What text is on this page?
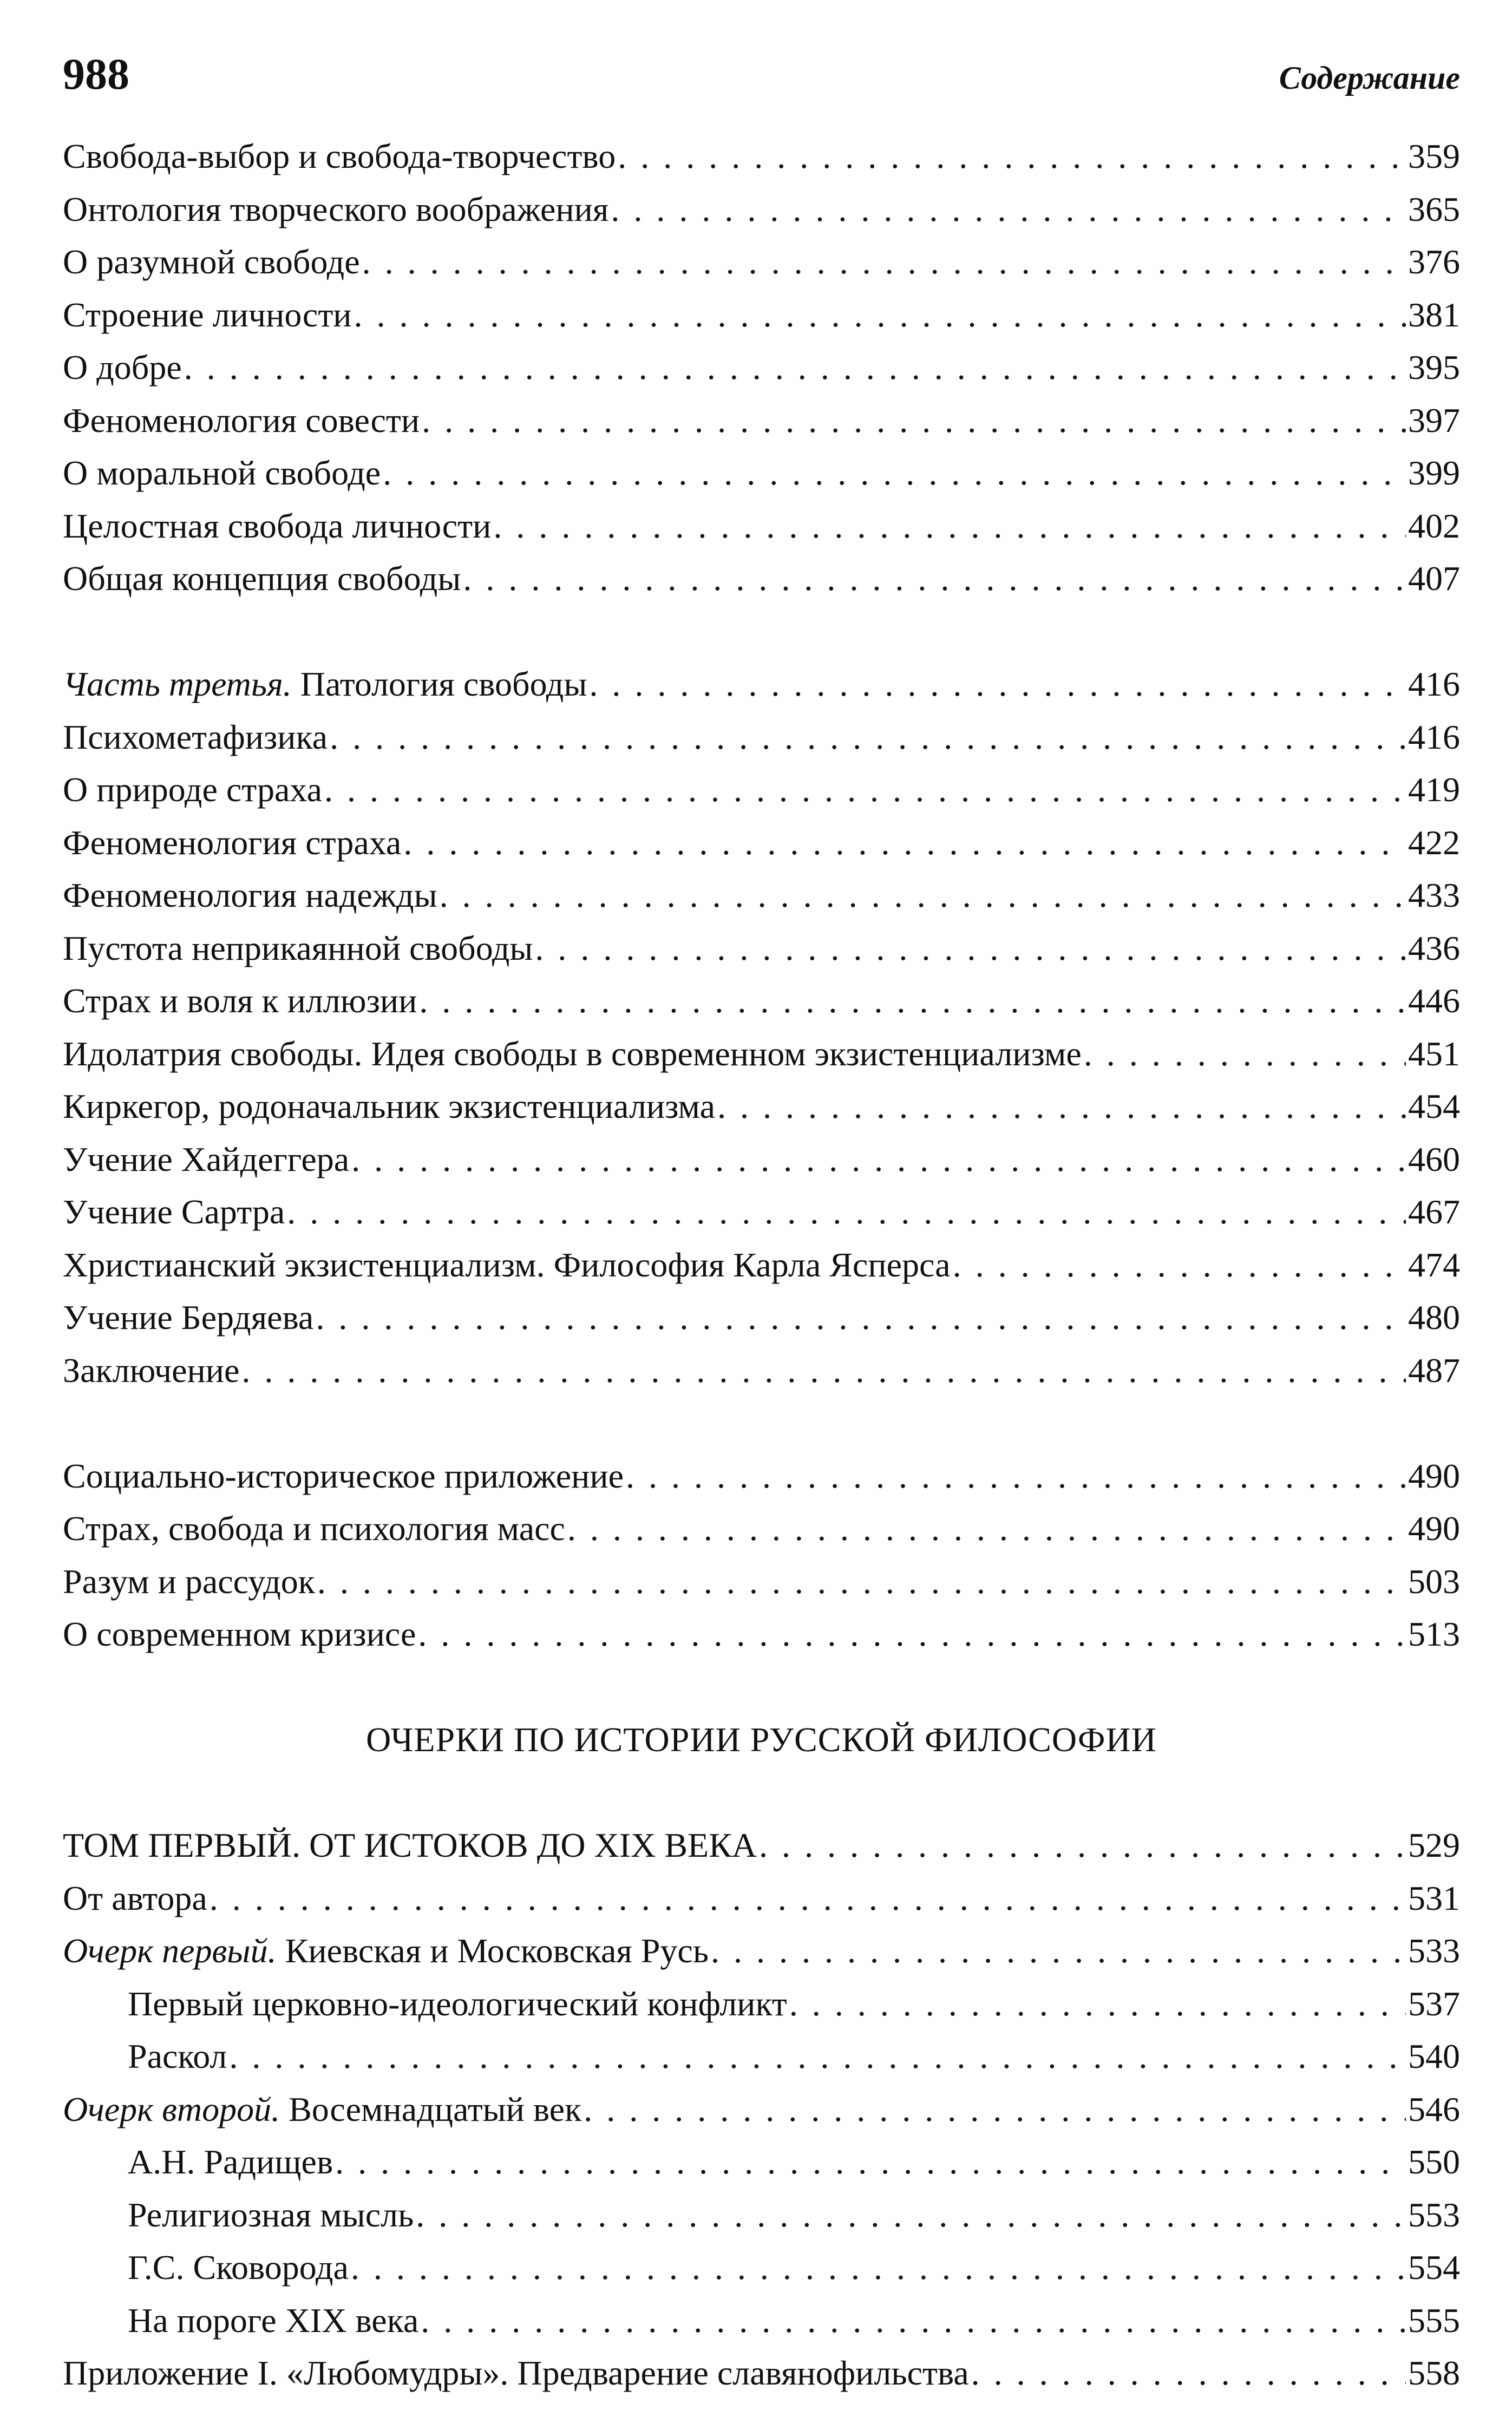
988	Содержание
Свобода-выбор и свобода-творчество . . .	359
Онтология творческого воображения . . .	365
О разумной свободе . . .	376
Строение личности . . .	381
О добре . . .	395
Феноменология совести . . .	397
О моральной свободе . . .	399
Целостная свобода личности . . .	402
Общая концепция свободы . . .	407
Часть третья. Патология свободы . . .	416
Психометафизика . . .	416
О природе страха . . .	419
Феноменология страха . . .	422
Феноменология надежды . . .	433
Пустота неприкаянной свободы . . .	436
Страх и воля к иллюзии . . .	446
Идолатрия свободы. Идея свободы в современном экзистенциализме . . .	451
Киркегор, родоначальник экзистенциализма . . .	454
Учение Хайдеггера . . .	460
Учение Сартра . . .	467
Христианский экзистенциализм. Философия Карла Ясперса . . .	474
Учение Бердяева . . .	480
Заключение . . .	487
Социально-историческое приложение . . .	490
Страх, свобода и психология масс . . .	490
Разум и рассудок . . .	503
О современном кризисе . . .	513
ОЧЕРКИ ПО ИСТОРИИ РУССКОЙ ФИЛОСОФИИ
ТОМ ПЕРВЫЙ. ОТ ИСТОКОВ ДО XIX ВЕКА . . .	529
От автора . . .	531
Очерк первый. Киевская и Московская Русь . . .	533
Первый церковно-идеологический конфликт . . .	537
Раскол . . .	540
Очерк второй. Восемнадцатый век . . .	546
А.Н. Радищев . . .	550
Религиозная мысль . . .	553
Г.С. Сковорода . . .	554
На пороге XIX века . . .	555
Приложение I. «Любомудры». Предварение славянофильства . . .	558
